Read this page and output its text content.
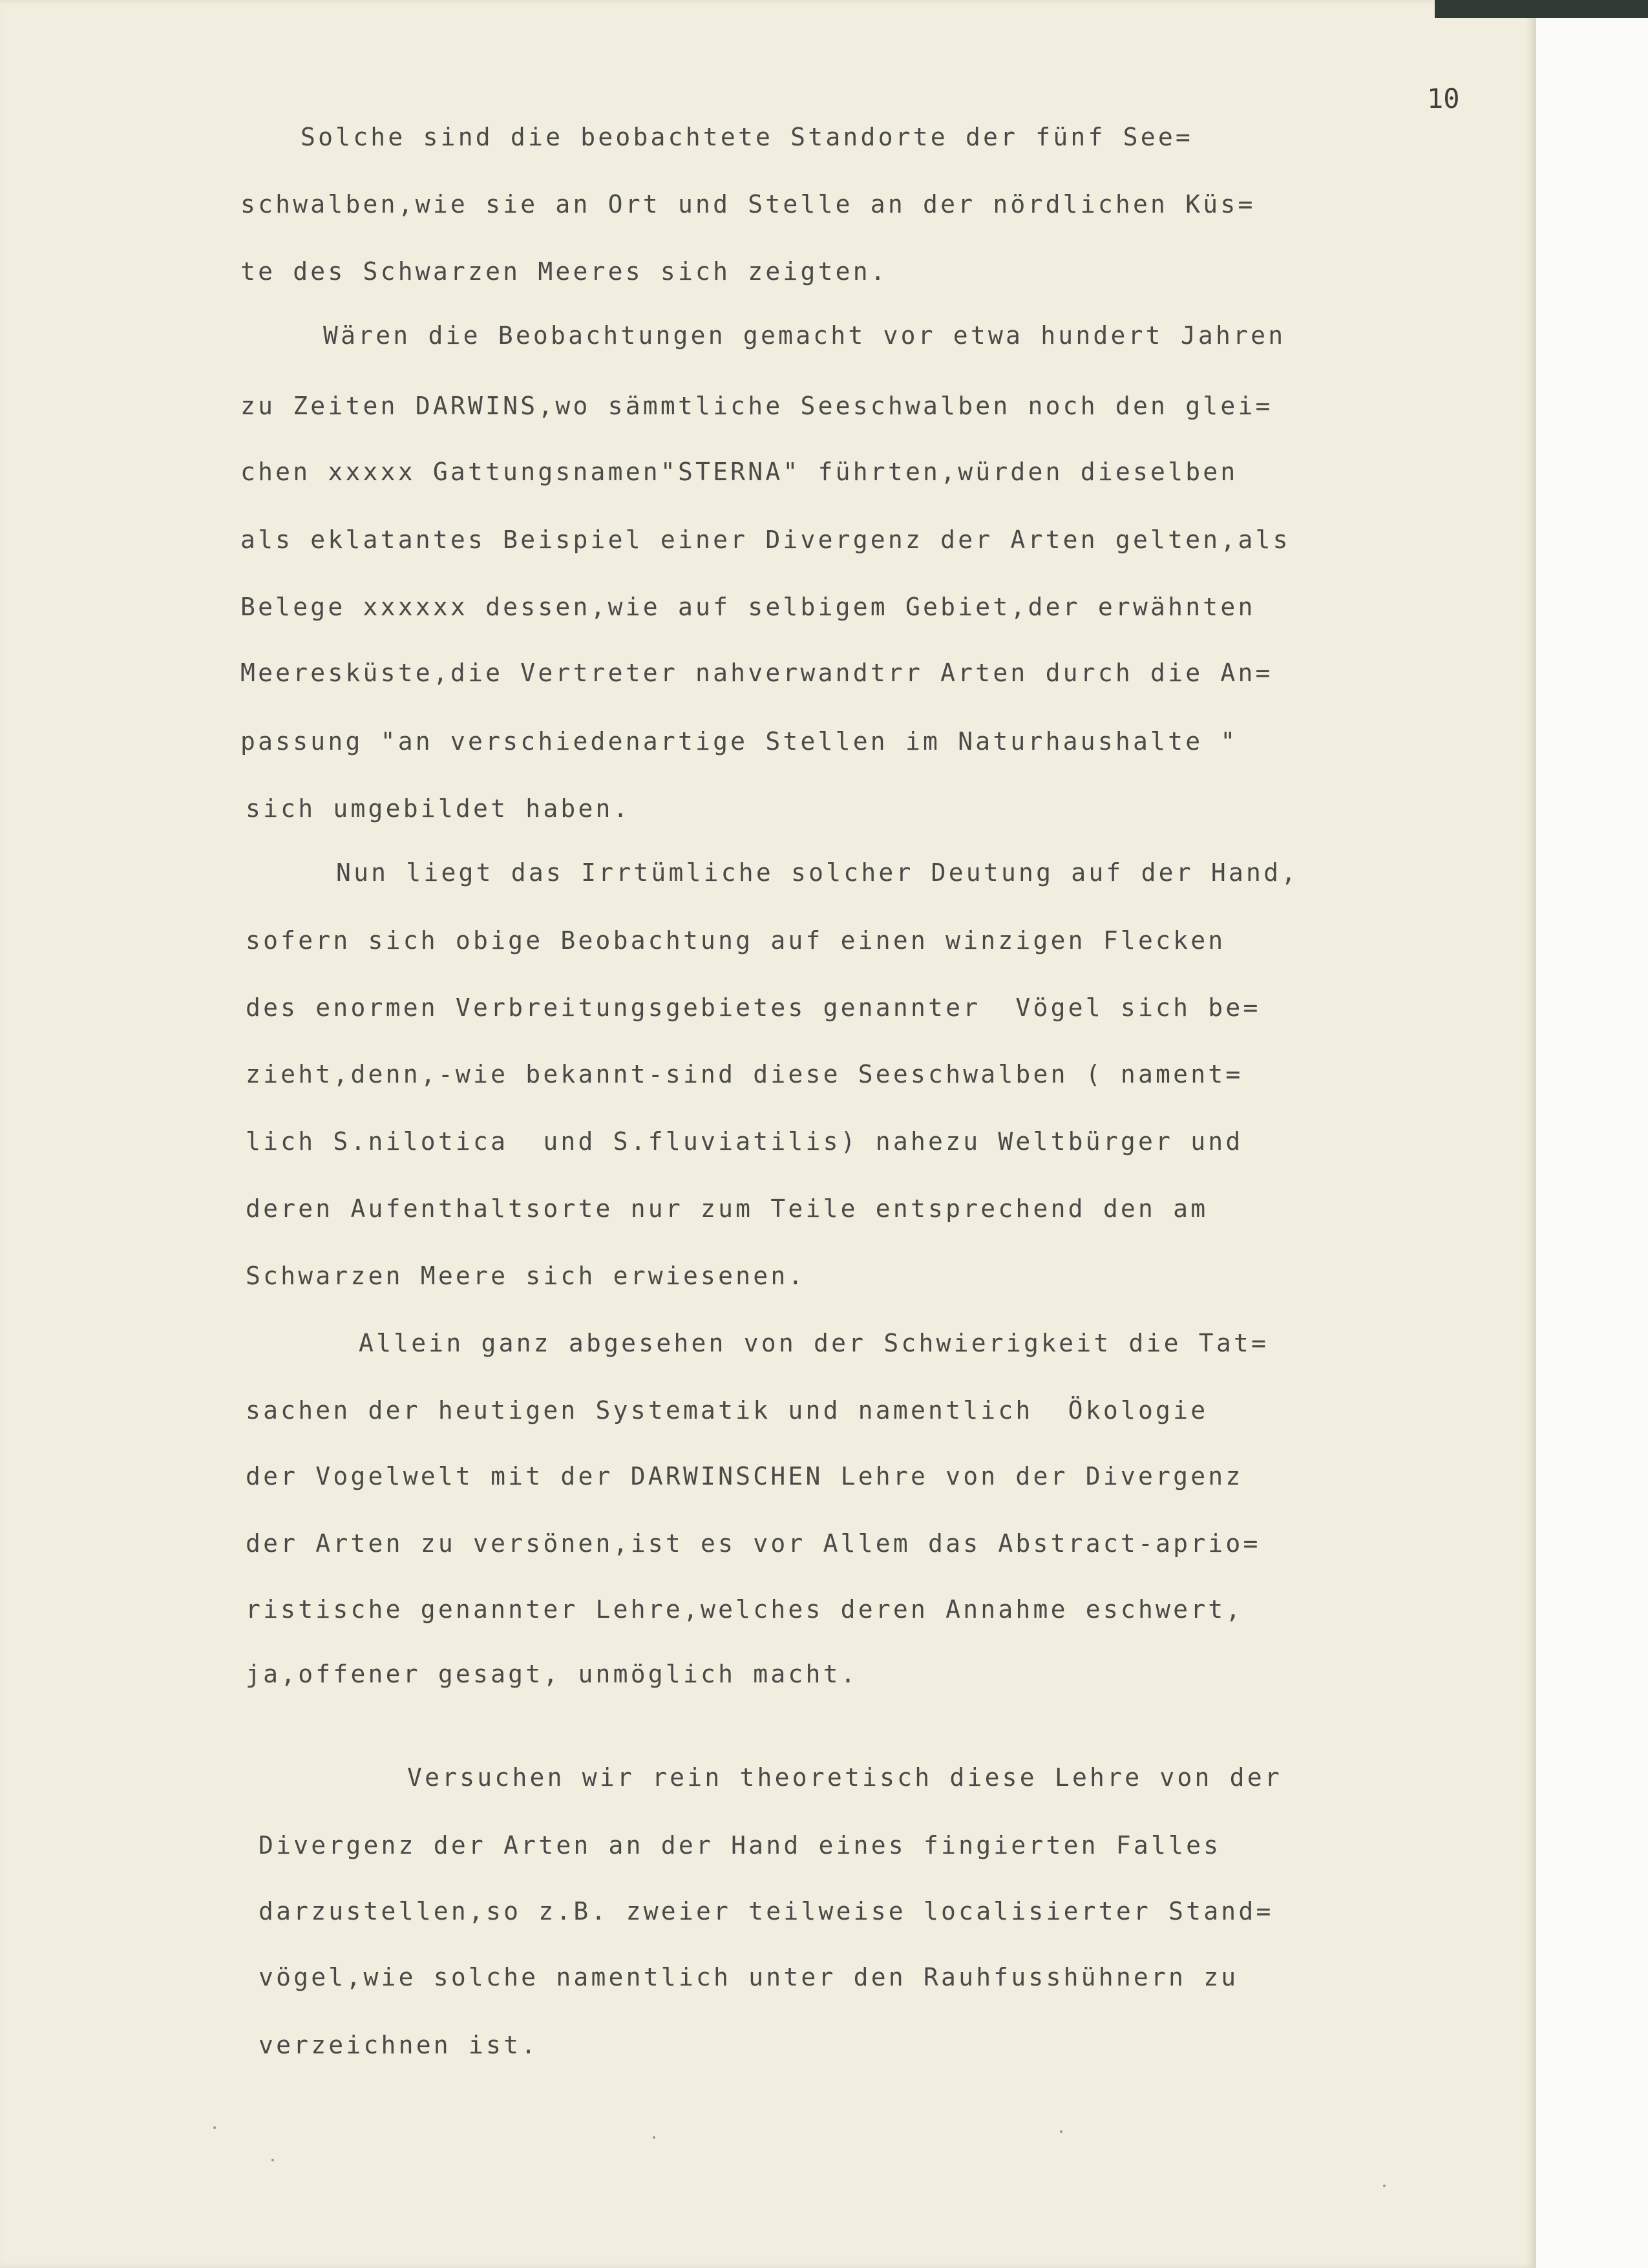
10

Solche sind die beobachtete Standorte der fünf See=

schwalben,wie sie an Ort und Stelle an der nördlichen Küs=

te des Schwarzen Meeres sich zeigten.

Wären die Beobachtungen gemacht vor etwa hundert Jahren

zu Zeiten DARWINS,wo sämmtliche Seeschwalben noch den glei=

chen xxxxx Gattungsnamen"STERNA" führten,würden dieselben

als eklatantes Beispiel einer Divergenz der Arten gelten,als

Belege xxxxxx dessen,wie auf selbigem Gebiet,der erwähnten

Meeresküste,die Vertreter nahverwandtrr Arten durch die An=

passung "an verschiedenartige Stellen im Naturhaushalte "

sich umgebildet haben.

Nun liegt das Irrtümliche solcher Deutung auf der Hand,

sofern sich obige Beobachtung auf einen winzigen Flecken

des enormen Verbreitungsgebietes genannter  Vögel sich be=

zieht,denn,-wie bekannt-sind diese Seeschwalben ( nament=

lich S.nilotica  und S.fluviatilis) nahezu Weltbürger und

deren Aufenthaltsorte nur zum Teile entsprechend den am

Schwarzen Meere sich erwiesenen.

Allein ganz abgesehen von der Schwierigkeit die Tat=

sachen der heutigen Systematik und namentlich  Ökologie

der Vogelwelt mit der DARWINSCHEN Lehre von der Divergenz

der Arten zu versönen,ist es vor Allem das Abstract-aprio=

ristische genannter Lehre,welches deren Annahme eschwert,

ja,offener gesagt, unmöglich macht.

Versuchen wir rein theoretisch diese Lehre von der

Divergenz der Arten an der Hand eines fingierten Falles

darzustellen,so z.B. zweier teilweise localisierter Stand=

vögel,wie solche namentlich unter den Rauhfusshühnern zu

verzeichnen ist.
